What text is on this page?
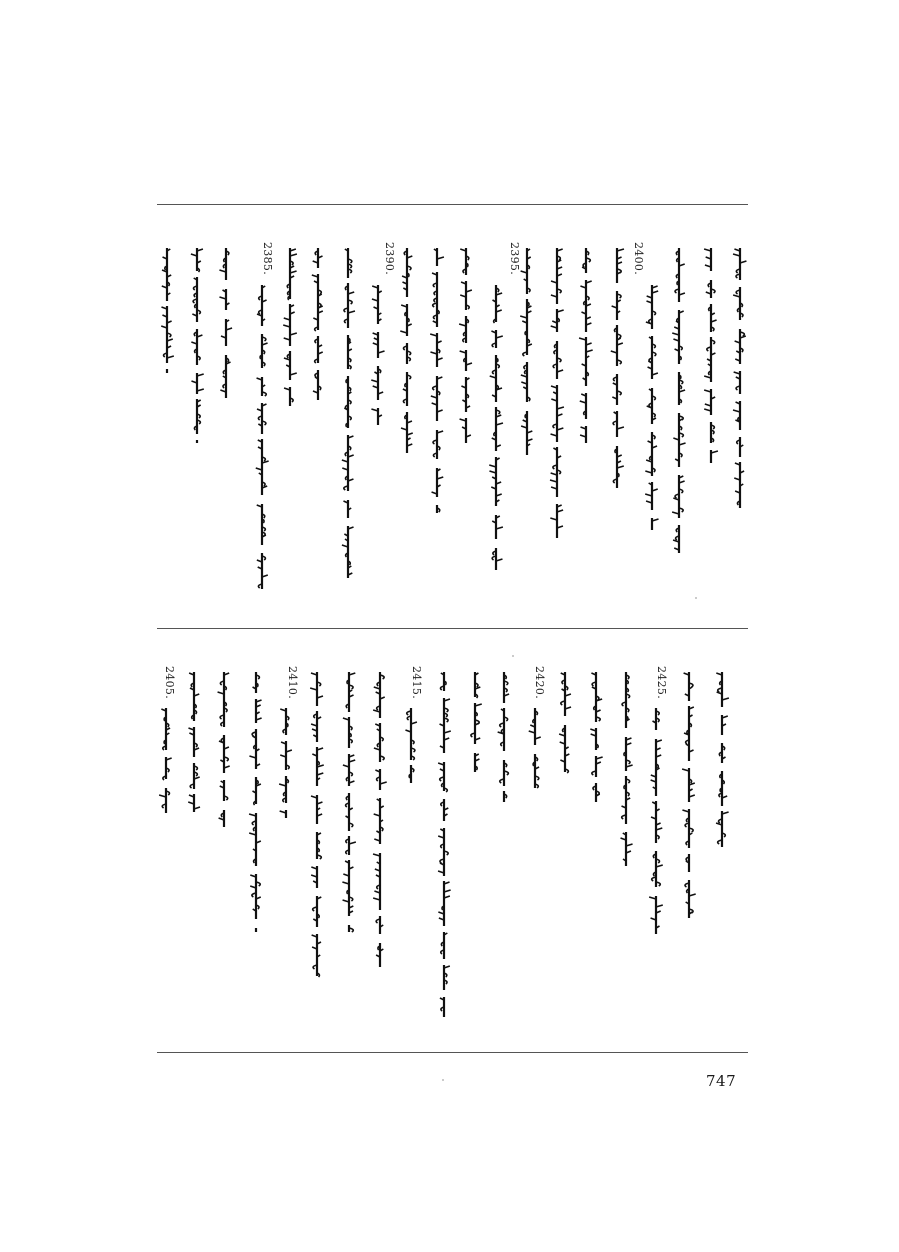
2385.	2390.	2395.	2400.
2405.	2410.	2415.	2420.	2425.
747
